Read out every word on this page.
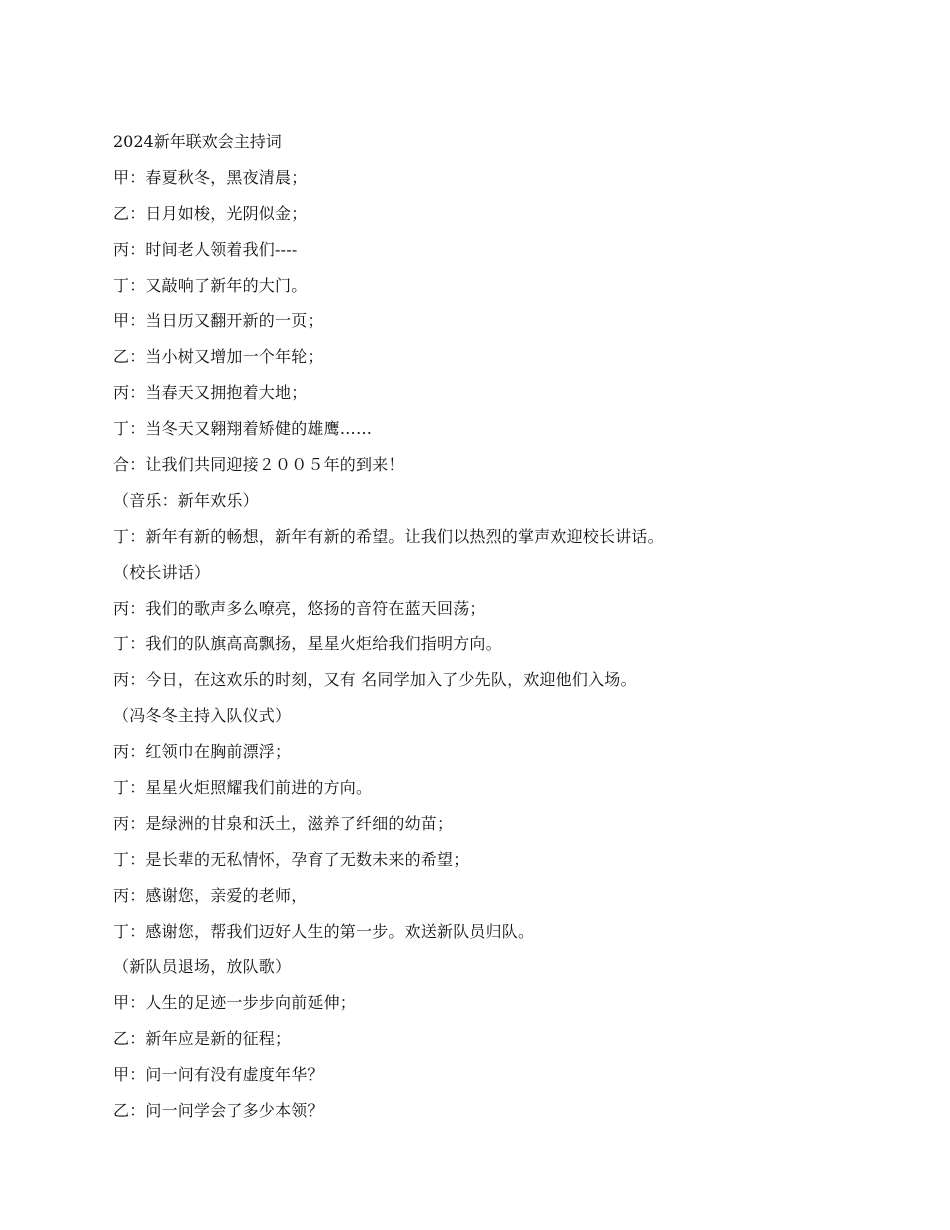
2024新年联欢会主持词
甲：春夏秋冬，黑夜清晨；
乙：日月如梭，光阴似金；
丙：时间老人领着我们----
丁：又敲响了新年的大门。
甲：当日历又翻开新的一页；
乙：当小树又增加一个年轮；
丙：当春天又拥抱着大地；
丁：当冬天又翱翔着矫健的雄鹰……
合：让我们共同迎接２００５年的到来！
（音乐：新年欢乐）
丁：新年有新的畅想，新年有新的希望。让我们以热烈的掌声欢迎校长讲话。
（校长讲话）
丙：我们的歌声多么嘹亮，悠扬的音符在蓝天回荡；
丁：我们的队旗高高飘扬，星星火炬给我们指明方向。
丙：今日，在这欢乐的时刻，又有 名同学加入了少先队，欢迎他们入场。
（冯冬冬主持入队仪式）
丙：红领巾在胸前漂浮；
丁：星星火炬照耀我们前进的方向。
丙：是绿洲的甘泉和沃土，滋养了纤细的幼苗；
丁：是长辈的无私情怀，孕育了无数未来的希望；
丙：感谢您，亲爱的老师，
丁：感谢您，帮我们迈好人生的第一步。欢送新队员归队。
（新队员退场，放队歌）
甲：人生的足迹一步步向前延伸；
乙：新年应是新的征程；
甲：问一问有没有虚度年华？
乙：问一问学会了多少本领？
